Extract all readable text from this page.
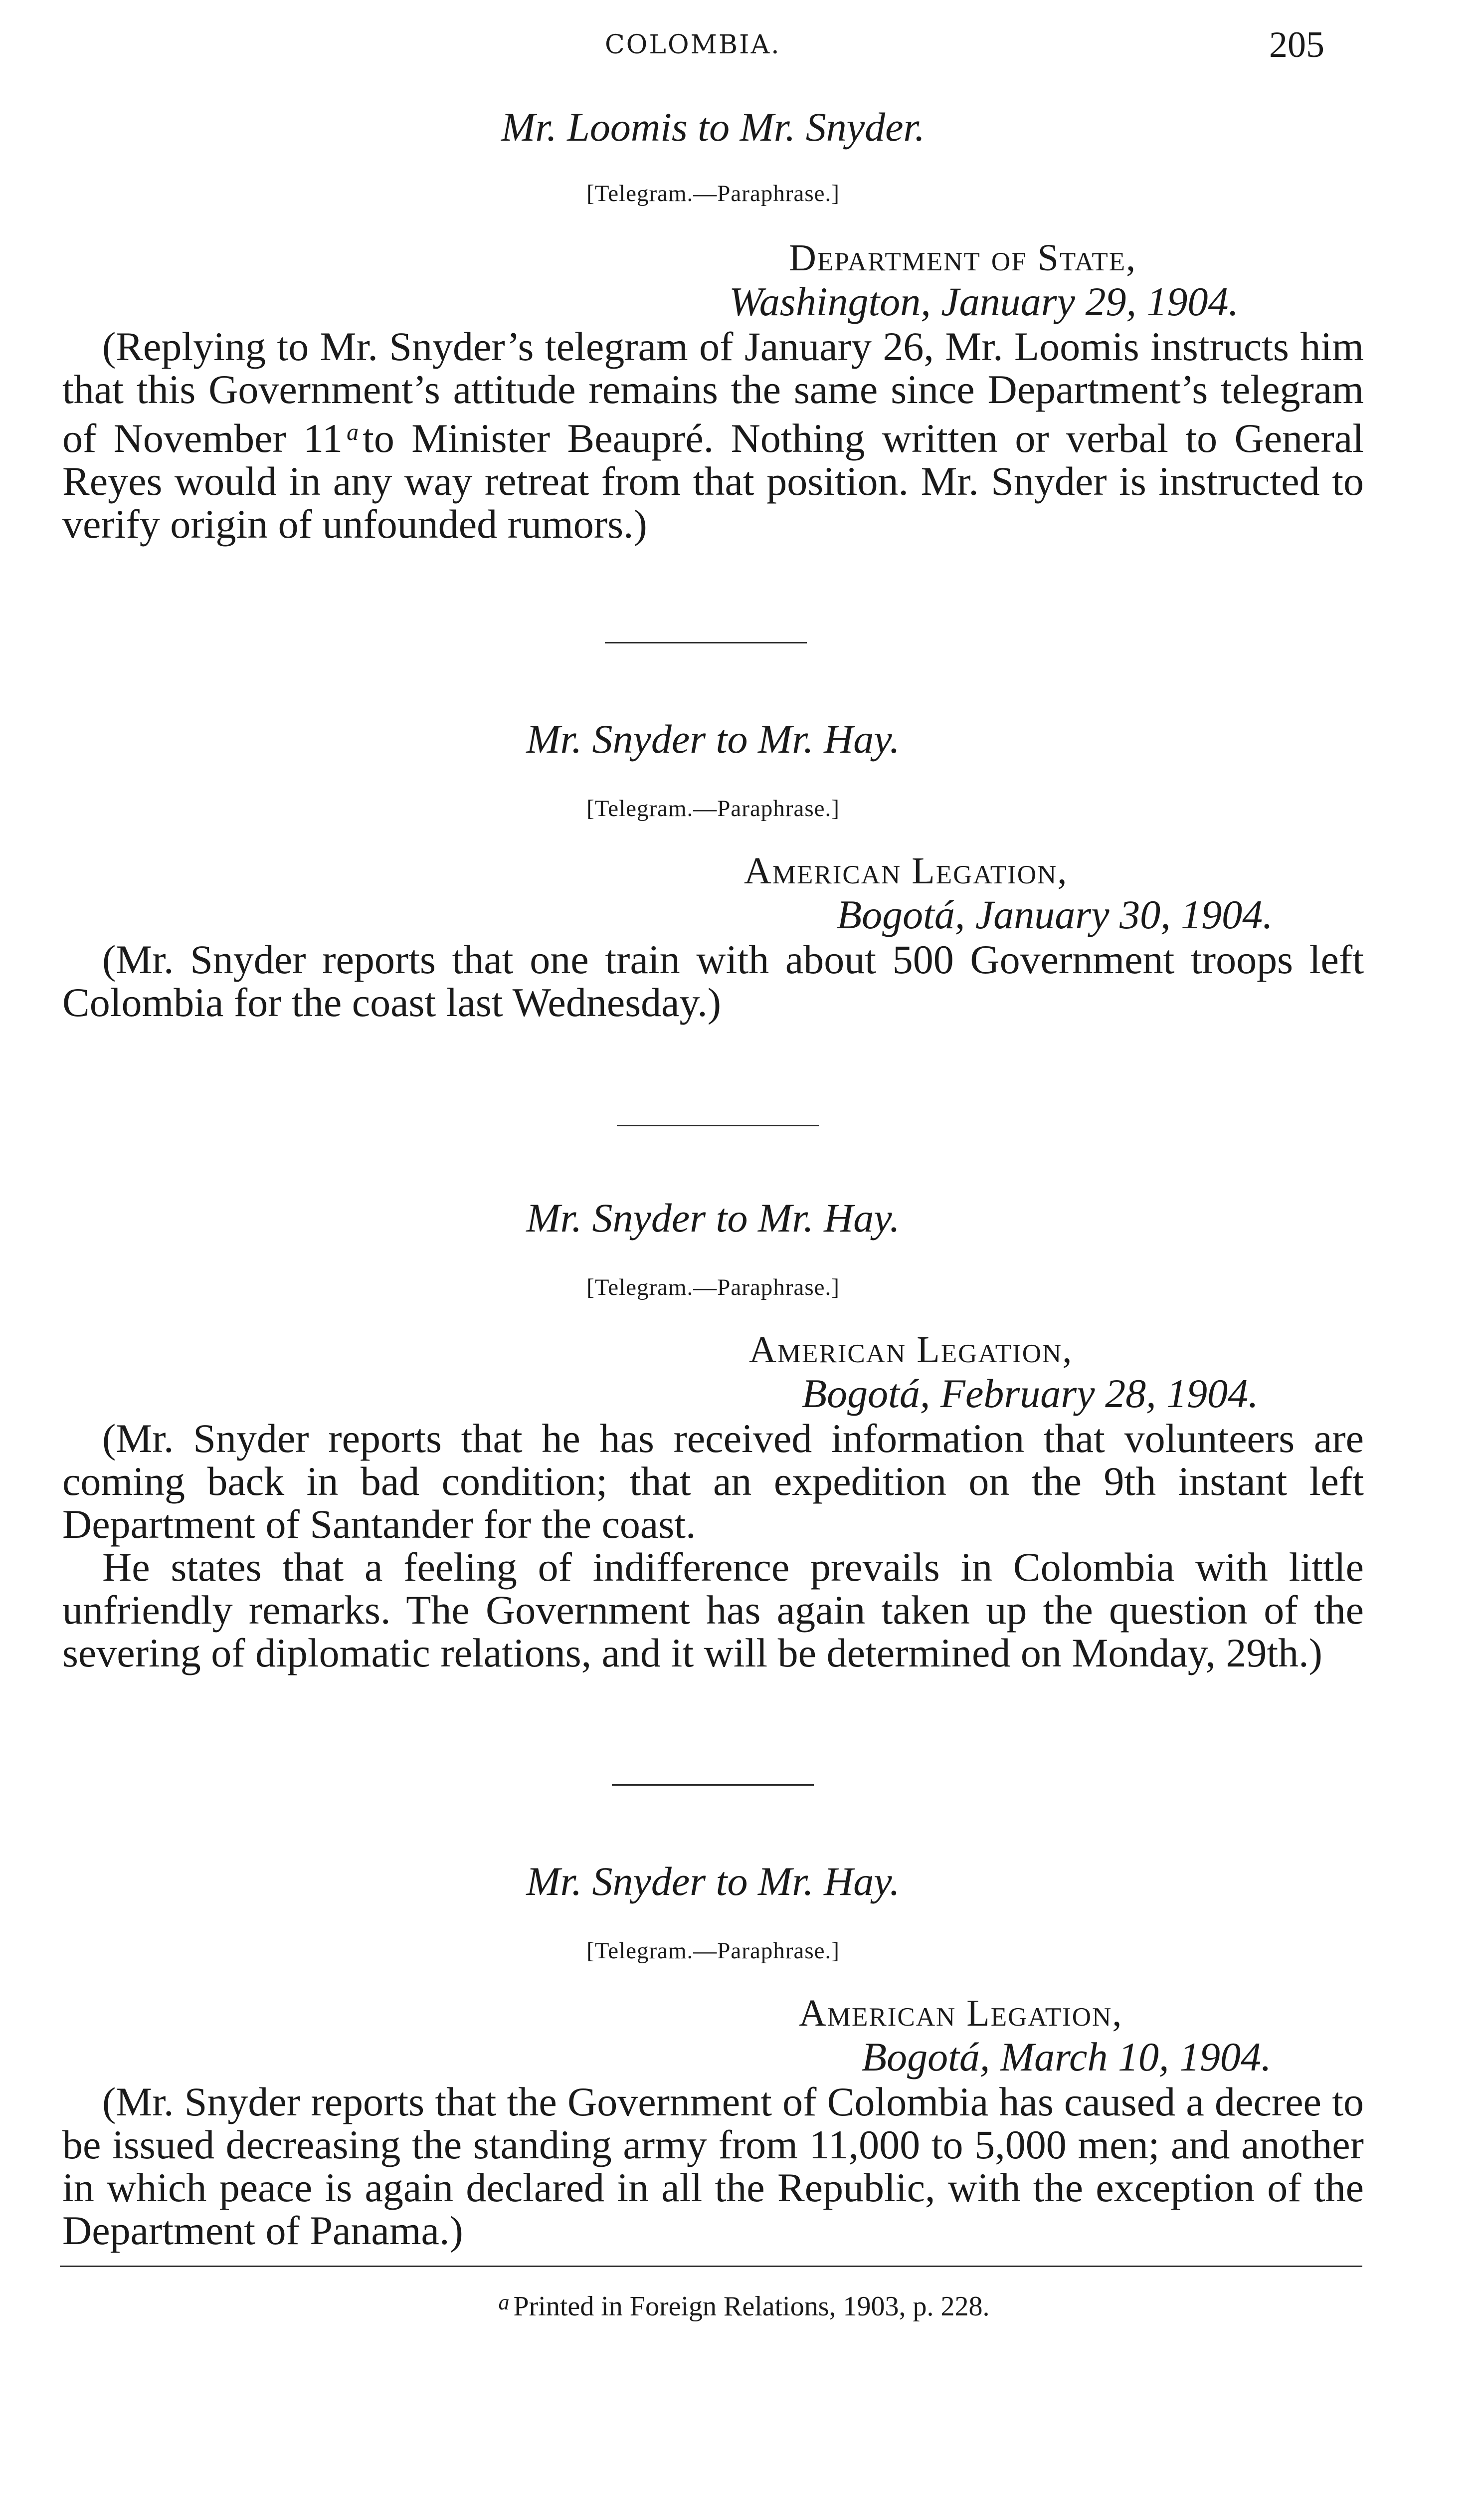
COLOMBIA.	205
Mr. Loomis to Mr. Snyder.
[Telegram.—Paraphrase.]
Department of State,
Washington, January 29, 1904.

(Replying to Mr. Snyder’s telegram of January 26, Mr. Loomis instructs him that this Government’s attitude remains the same since Department’s telegram of November 11 $^a$to Minister Beaupré. Nothing written or verbal to General Reyes would in any way retreat from that position. Mr. Snyder is instructed to verify origin of unfounded rumors.)

Mr. Snyder to Mr. Hay.
[Telegram.—Paraphrase.]
American Legation,
Bogotá, January 30, 1904.

(Mr. Snyder reports that one train with about 500 Government troops left Colombia for the coast last Wednesday.)

Mr. Snyder to Mr. Hay.
[Telegram.—Paraphrase.]
American Legation,
Bogotá, February 28, 1904.

(Mr. Snyder reports that he has received information that volunteers are coming back in bad condition; that an expedition on the 9th instant left Department of Santander for the coast.

He states that a feeling of indifference prevails in Colombia with little unfriendly remarks. The Government has again taken up the question of the severing of diplomatic relations, and it will be determined on Monday, 29th.)

Mr. Snyder to Mr. Hay.
[Telegram.—Paraphrase.]
American Legation,
Bogotá, March 10, 1904.

(Mr. Snyder reports that the Government of Colombia has caused a decree to be issued decreasing the standing army from 11,000 to 5,000 men; and another in which peace is again declared in all the Republic, with the exception of the Department of Panama.)

$^a$ Printed in Foreign Relations, 1903, p. 228.
